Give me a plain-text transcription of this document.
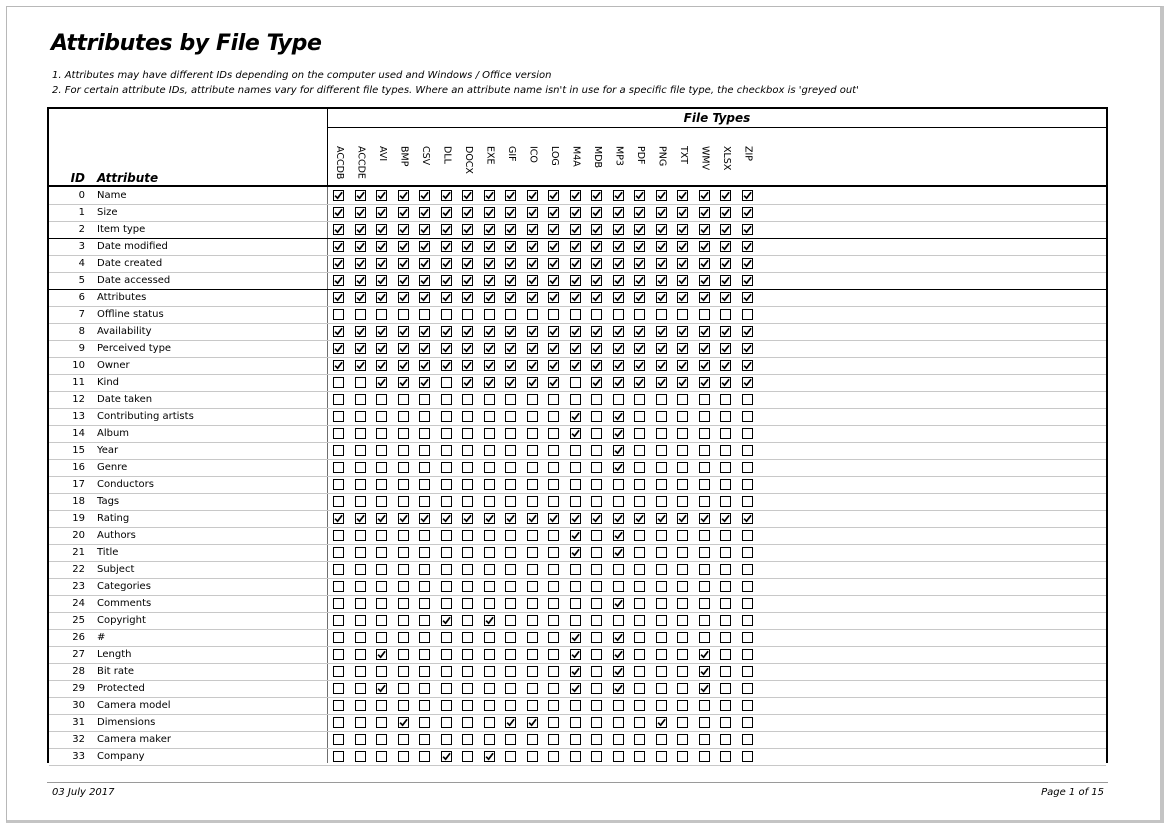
Attributes by File Type
1. Attributes may have different IDs depending on the computer used and Windows / Office version
2. For certain attribute IDs, attribute names vary for different file types. Where an attribute name isn't in use for a specific file type, the checkbox is 'greyed out'
File Types
ID Attribute	ACCDB ACCDE AVI BMP CSV DLL DOCX EXE GIF ICO LOG M4A MDB MP3 PDF PNG TXT WMV XLSX ZIP
0 Name
1 Size
2 Item type
3 Date modified
4 Date created
5 Date accessed
6 Attributes
7 Offline status
8 Availability
9 Perceived type
10 Owner
11 Kind
12 Date taken
13 Contributing artists
14 Album
15 Year
16 Genre
17 Conductors
18 Tags
19 Rating
20 Authors
21 Title
22 Subject
23 Categories
24 Comments
25 Copyright
26 #
27 Length
28 Bit rate
29 Protected
30 Camera model
31 Dimensions
32 Camera maker
33 Company
03 July 2017	Page 1 of 15
